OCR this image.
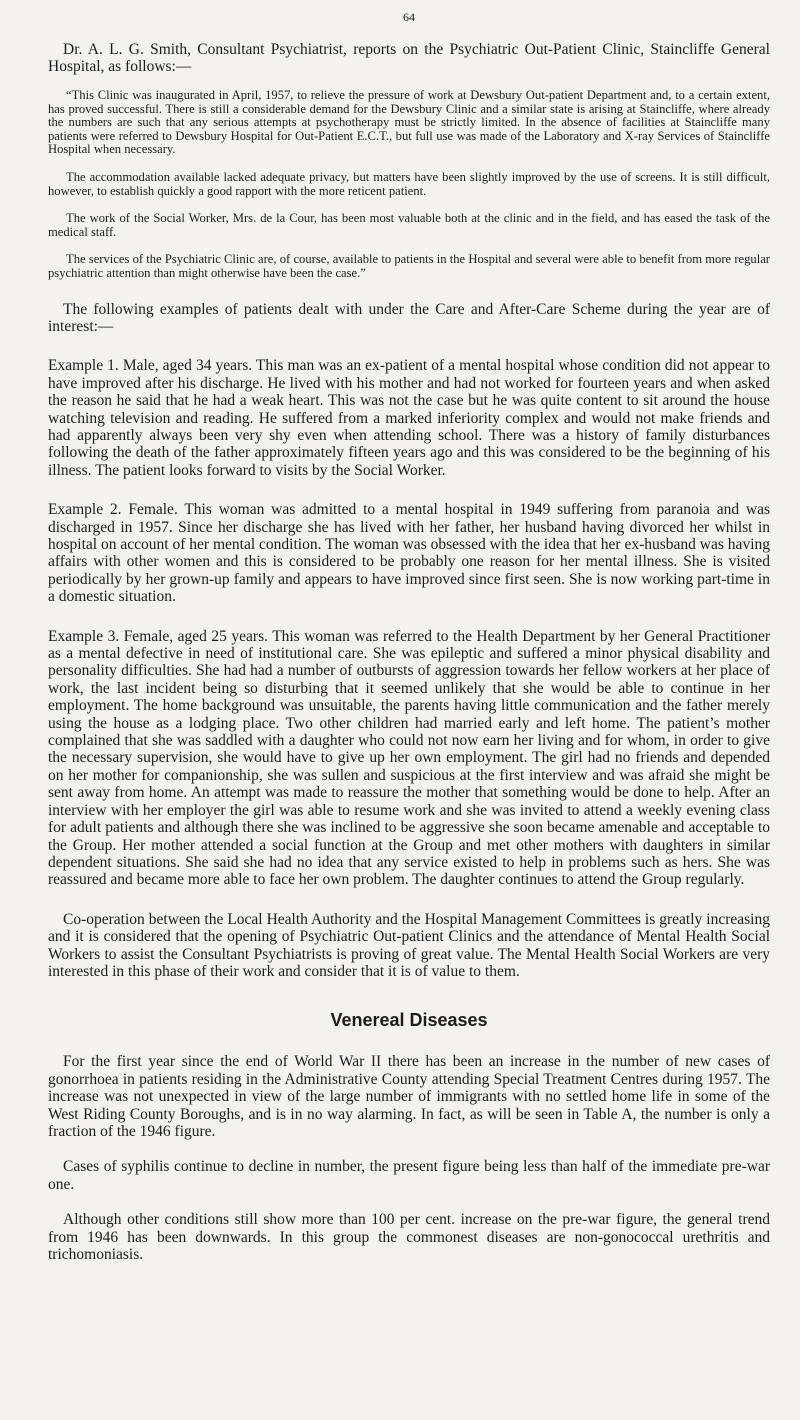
64

Dr. A. L. G. Smith, Consultant Psychiatrist, reports on the Psychiatric Out-Patient Clinic, Staincliffe General Hospital, as follows:—

“This Clinic was inaugurated in April, 1957, to relieve the pressure of work at Dewsbury Out-patient Department and, to a certain extent, has proved successful. There is still a considerable demand for the Dewsbury Clinic and a similar state is arising at Staincliffe, where already the numbers are such that any serious attempts at psychotherapy must be strictly limited. In the absence of facilities at Staincliffe many patients were referred to Dewsbury Hospital for Out-Patient E.C.T., but full use was made of the Laboratory and X-ray Services of Staincliffe Hospital when necessary.

The accommodation available lacked adequate privacy, but matters have been slightly improved by the use of screens. It is still difficult, however, to establish quickly a good rapport with the more reticent patient.

The work of the Social Worker, Mrs. de la Cour, has been most valuable both at the clinic and in the field, and has eased the task of the medical staff.

The services of the Psychiatric Clinic are, of course, available to patients in the Hospital and several were able to benefit from more regular psychiatric attention than might otherwise have been the case.”

The following examples of patients dealt with under the Care and After-Care Scheme during the year are of interest:—

Example 1. Male, aged 34 years. This man was an ex-patient of a mental hospital whose condition did not appear to have improved after his discharge. He lived with his mother and had not worked for fourteen years and when asked the reason he said that he had a weak heart. This was not the case but he was quite content to sit around the house watching television and reading. He suffered from a marked inferiority complex and would not make friends and had apparently always been very shy even when attending school. There was a history of family disturbances following the death of the father approximately fifteen years ago and this was considered to be the beginning of his illness. The patient looks forward to visits by the Social Worker.

Example 2. Female. This woman was admitted to a mental hospital in 1949 suffering from paranoia and was discharged in 1957. Since her discharge she has lived with her father, her husband having divorced her whilst in hospital on account of her mental condition. The woman was obsessed with the idea that her ex-husband was having affairs with other women and this is considered to be probably one reason for her mental illness. She is visited periodically by her grown-up family and appears to have improved since first seen. She is now working part-time in a domestic situation.

Example 3. Female, aged 25 years. This woman was referred to the Health Department by her General Practitioner as a mental defective in need of institutional care. She was epileptic and suffered a minor physical disability and personality difficulties. She had had a number of outbursts of aggression towards her fellow workers at her place of work, the last incident being so disturbing that it seemed unlikely that she would be able to continue in her employment. The home background was unsuitable, the parents having little communication and the father merely using the house as a lodging place. Two other children had married early and left home. The patient’s mother complained that she was saddled with a daughter who could not now earn her living and for whom, in order to give the necessary supervision, she would have to give up her own employment. The girl had no friends and depended on her mother for companionship, she was sullen and suspicious at the first interview and was afraid she might be sent away from home. An attempt was made to reassure the mother that something would be done to help. After an interview with her employer the girl was able to resume work and she was invited to attend a weekly evening class for adult patients and although there she was inclined to be aggressive she soon became amenable and acceptable to the Group. Her mother attended a social function at the Group and met other mothers with daughters in similar dependent situations. She said she had no idea that any service existed to help in problems such as hers. She was reassured and became more able to face her own problem. The daughter continues to attend the Group regularly.

Co-operation between the Local Health Authority and the Hospital Management Committees is greatly increasing and it is considered that the opening of Psychiatric Out-patient Clinics and the attendance of Mental Health Social Workers to assist the Consultant Psychiatrists is proving of great value. The Mental Health Social Workers are very interested in this phase of their work and consider that it is of value to them.

Venereal Diseases

For the first year since the end of World War II there has been an increase in the number of new cases of gonorrhoea in patients residing in the Administrative County attending Special Treatment Centres during 1957. The increase was not unexpected in view of the large number of immigrants with no settled home life in some of the West Riding County Boroughs, and is in no way alarming. In fact, as will be seen in Table A, the number is only a fraction of the 1946 figure.

Cases of syphilis continue to decline in number, the present figure being less than half of the immediate pre-war one.

Although other conditions still show more than 100 per cent. increase on the pre-war figure, the general trend from 1946 has been downwards. In this group the commonest diseases are non-gonococcal urethritis and trichomoniasis.
